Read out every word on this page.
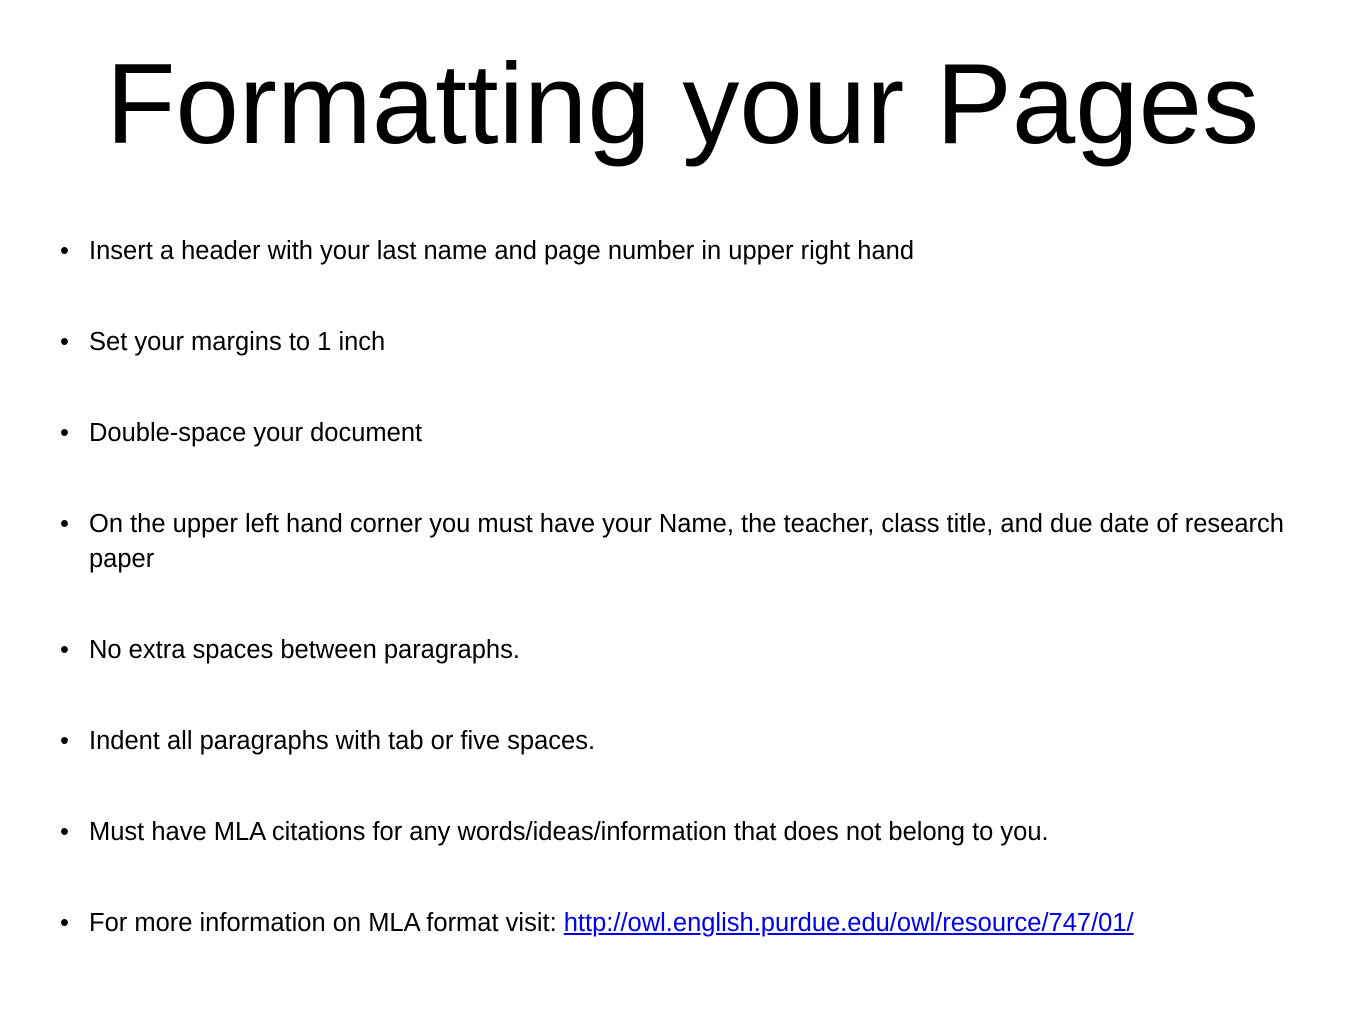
Formatting your Pages
• Insert a header with your last name and page number in upper right hand
• Set your margins to 1 inch
• Double-space your document
• On the upper left hand corner you must have your Name, the teacher, class title, and due date of research paper
• No extra spaces between paragraphs.
• Indent all paragraphs with tab or five spaces.
• Must have MLA citations for any words/ideas/information that does not belong to you.
• For more information on MLA format visit: http://owl.english.purdue.edu/owl/resource/747/01/
